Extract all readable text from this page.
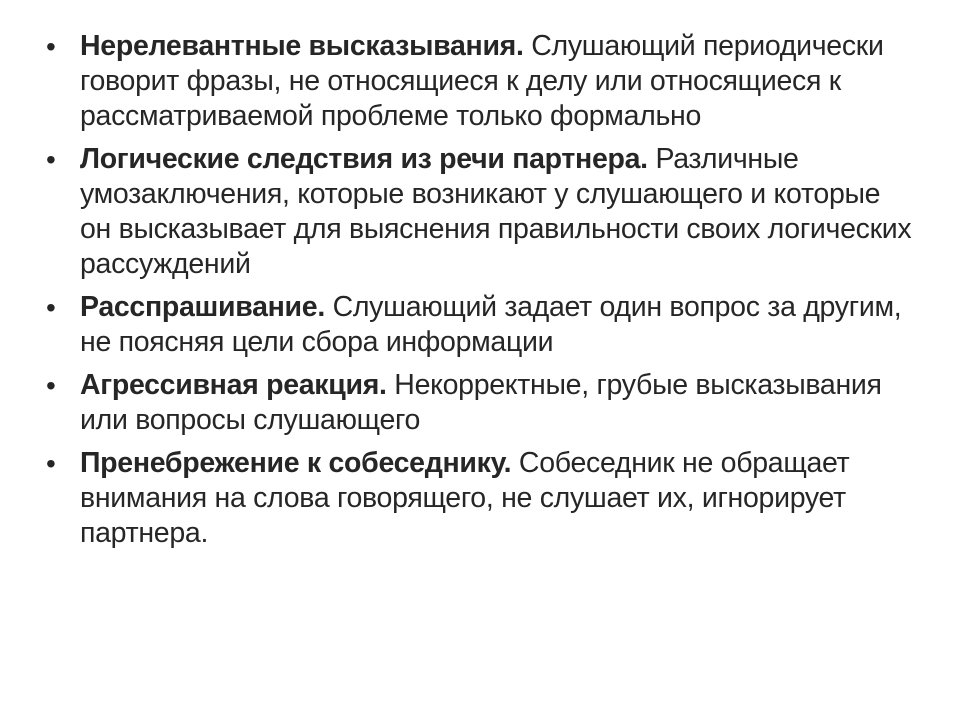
• Нерелевантные высказывания. Слушающий периодически говорит фразы, не относящиеся к делу или относящиеся к рассматриваемой проблеме только формально
• Логические следствия из речи партнера. Различные умозаключения, которые возникают у слушающего и которые он высказывает для выяснения правильности своих логических рассуждений
• Расспрашивание. Слушающий задает один вопрос за другим, не поясняя цели сбора информации
• Агрессивная реакция. Некорректные, грубые высказывания или вопросы слушающего
• Пренебрежение к собеседнику. Собеседник не обращает внимания на слова говорящего, не слушает их, игнорирует партнера.
